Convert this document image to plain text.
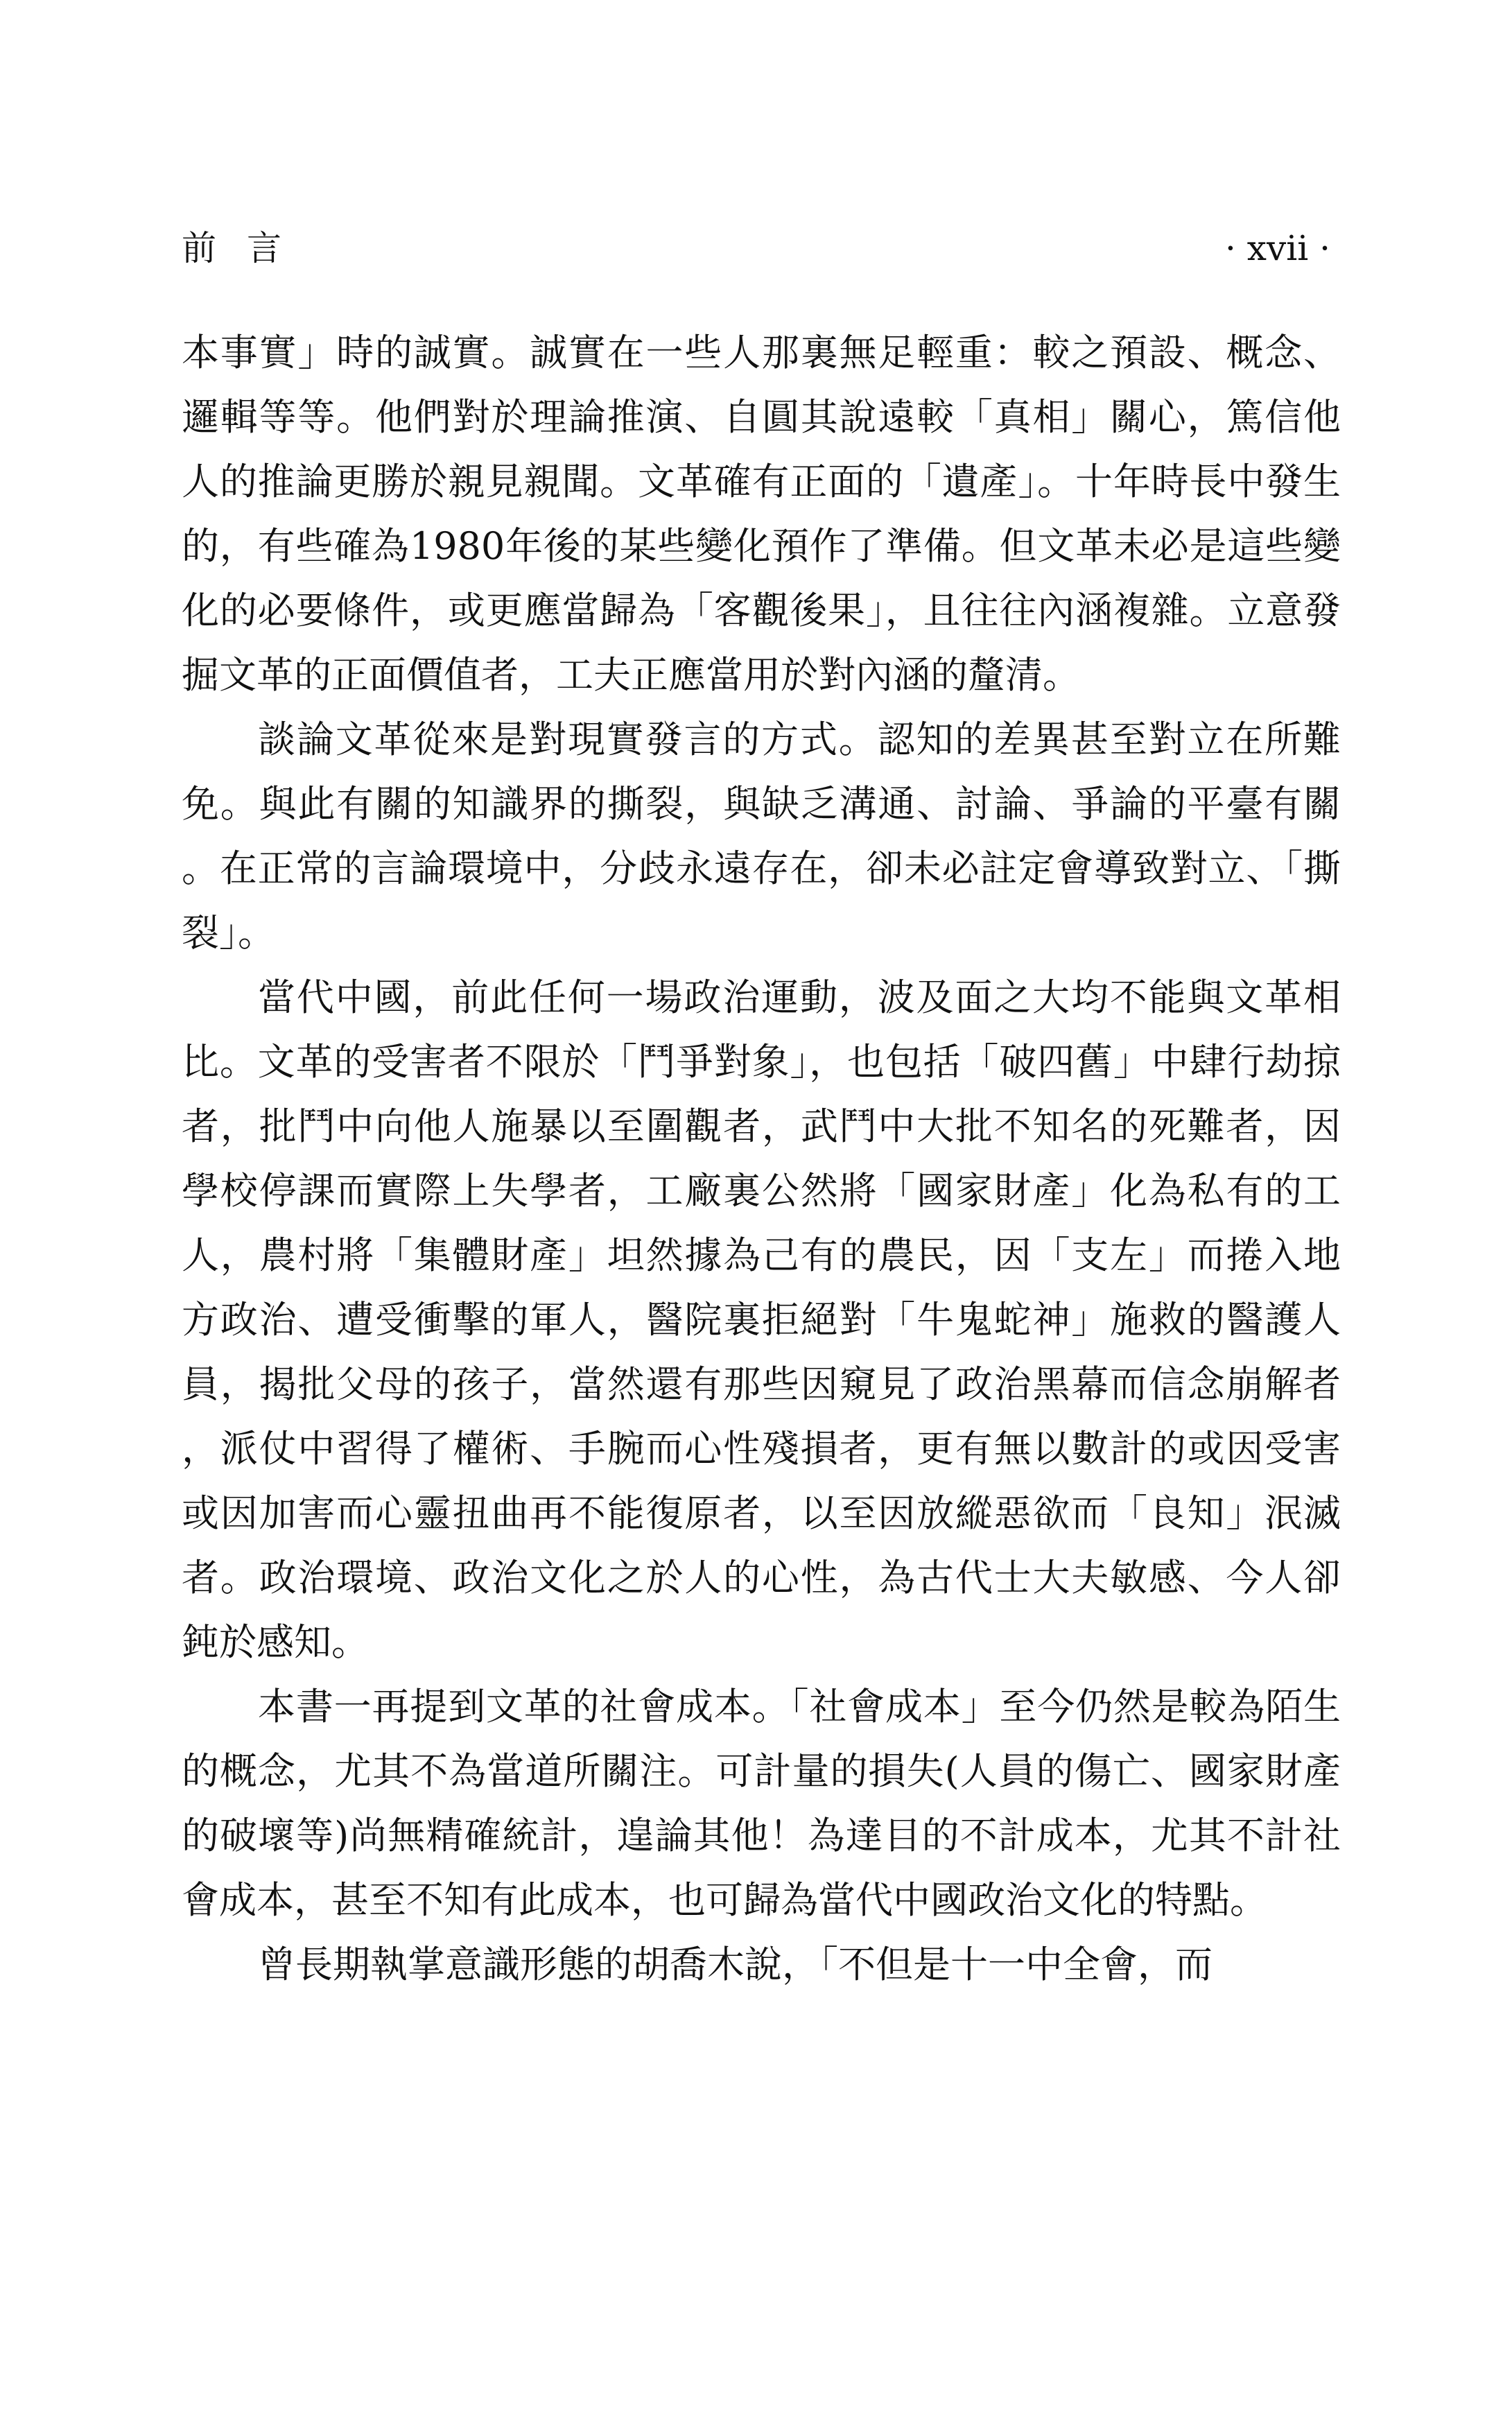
前言	· xvii ·

本事實」時的誠實。誠實在一些人那裏無足輕重：較之預設、概念、邏輯等等。他們對於理論推演、自圓其說遠較「真相」關心，篤信他人的推論更勝於親見親聞。文革確有正面的「遺產」。十年時長中發生的，有些確為1980年後的某些變化預作了準備。但文革未必是這些變化的必要條件，或更應當歸為「客觀後果」，且往往內涵複雜。立意發掘文革的正面價值者，工夫正應當用於對內涵的釐清。

談論文革從來是對現實發言的方式。認知的差異甚至對立在所難免。與此有關的知識界的撕裂，與缺乏溝通、討論、爭論的平臺有關。在正常的言論環境中，分歧永遠存在，卻未必註定會導致對立、「撕裂」。

當代中國，前此任何一場政治運動，波及面之大均不能與文革相比。文革的受害者不限於「鬥爭對象」，也包括「破四舊」中肆行劫掠者，批鬥中向他人施暴以至圍觀者，武鬥中大批不知名的死難者，因學校停課而實際上失學者，工廠裏公然將「國家財產」化為私有的工人，農村將「集體財產」坦然據為己有的農民，因「支左」而捲入地方政治、遭受衝擊的軍人，醫院裏拒絕對「牛鬼蛇神」施救的醫護人員，揭批父母的孩子，當然還有那些因窺見了政治黑幕而信念崩解者，派仗中習得了權術、手腕而心性殘損者，更有無以數計的或因受害或因加害而心靈扭曲再不能復原者，以至因放縱惡欲而「良知」泯滅者。政治環境、政治文化之於人的心性，為古代士大夫敏感、今人卻鈍於感知。

本書一再提到文革的社會成本。「社會成本」至今仍然是較為陌生的概念，尤其不為當道所關注。可計量的損失(人員的傷亡、國家財產的破壞等)尚無精確統計，遑論其他！為達目的不計成本，尤其不計社會成本，甚至不知有此成本，也可歸為當代中國政治文化的特點。

曾長期執掌意識形態的胡喬木說，「不但是十一中全會，而
